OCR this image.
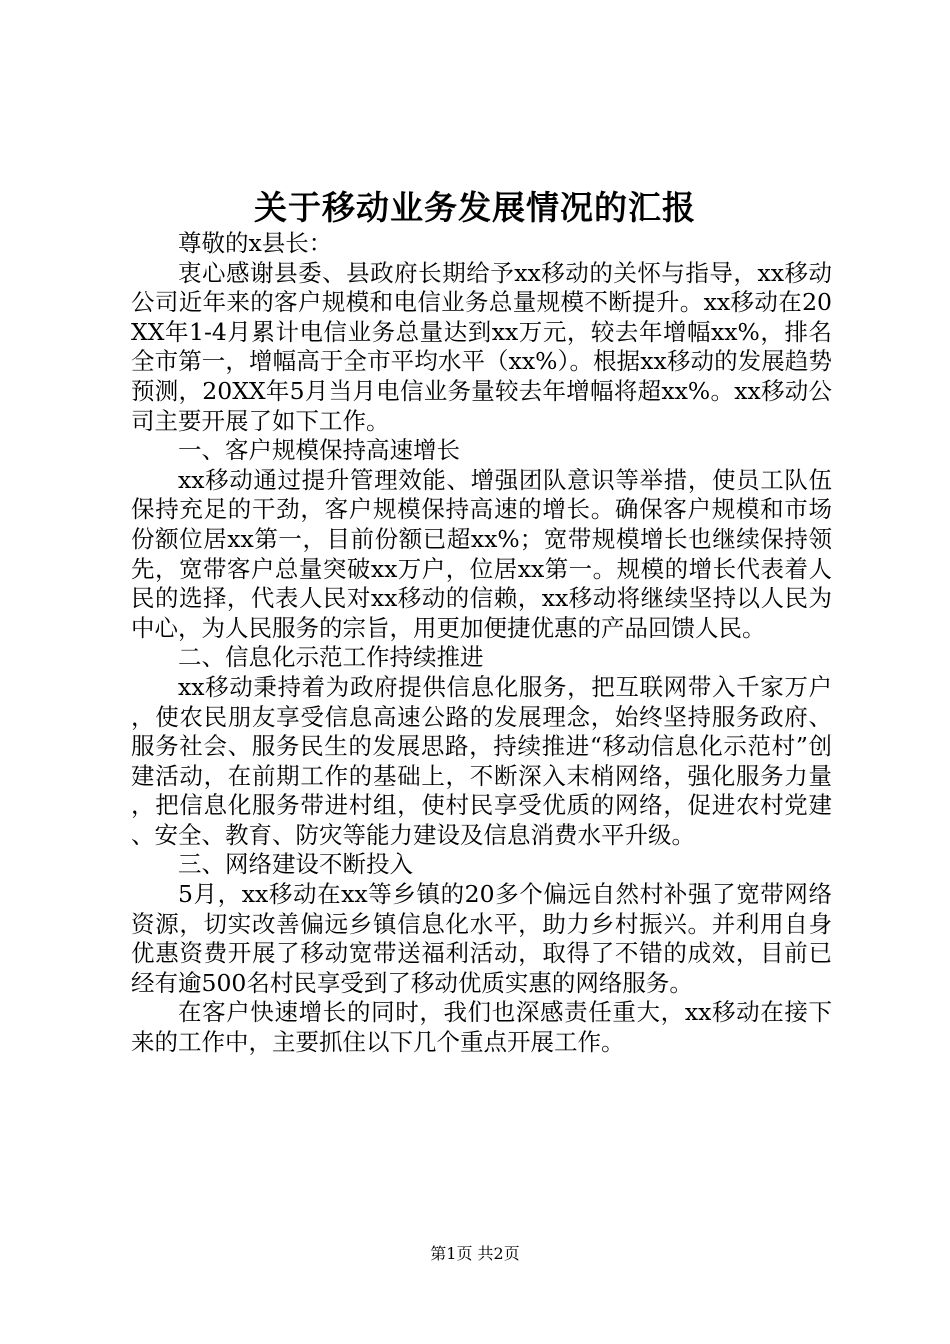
关于移动业务发展情况的汇报

尊敬的x县长：

衷心感谢县委、县政府长期给予xx移动的关怀与指导，xx移动公司近年来的客户规模和电信业务总量规模不断提升。xx移动在20XX年1-4月累计电信业务总量达到xx万元，较去年增幅xx%，排名全市第一，增幅高于全市平均水平（xx%）。根据xx移动的发展趋势预测，20XX年5月当月电信业务量较去年增幅将超xx%。xx移动公司主要开展了如下工作。

一、客户规模保持高速增长

xx移动通过提升管理效能、增强团队意识等举措，使员工队伍保持充足的干劲，客户规模保持高速的增长。确保客户规模和市场份额位居xx第一，目前份额已超xx%；宽带规模增长也继续保持领先，宽带客户总量突破xx万户，位居xx第一。规模的增长代表着人民的选择，代表人民对xx移动的信赖，xx移动将继续坚持以人民为中心，为人民服务的宗旨，用更加便捷优惠的产品回馈人民。

二、信息化示范工作持续推进

xx移动秉持着为政府提供信息化服务，把互联网带入千家万户，使农民朋友享受信息高速公路的发展理念，始终坚持服务政府、服务社会、服务民生的发展思路，持续推进“移动信息化示范村”创建活动，在前期工作的基础上，不断深入末梢网络，强化服务力量，把信息化服务带进村组，使村民享受优质的网络，促进农村党建、安全、教育、防灾等能力建设及信息消费水平升级。

三、网络建设不断投入

5月，xx移动在xx等乡镇的20多个偏远自然村补强了宽带网络资源，切实改善偏远乡镇信息化水平，助力乡村振兴。并利用自身优惠资费开展了移动宽带送福利活动，取得了不错的成效，目前已经有逾500名村民享受到了移动优质实惠的网络服务。

在客户快速增长的同时，我们也深感责任重大，xx移动在接下来的工作中，主要抓住以下几个重点开展工作。

第1页 共2页
